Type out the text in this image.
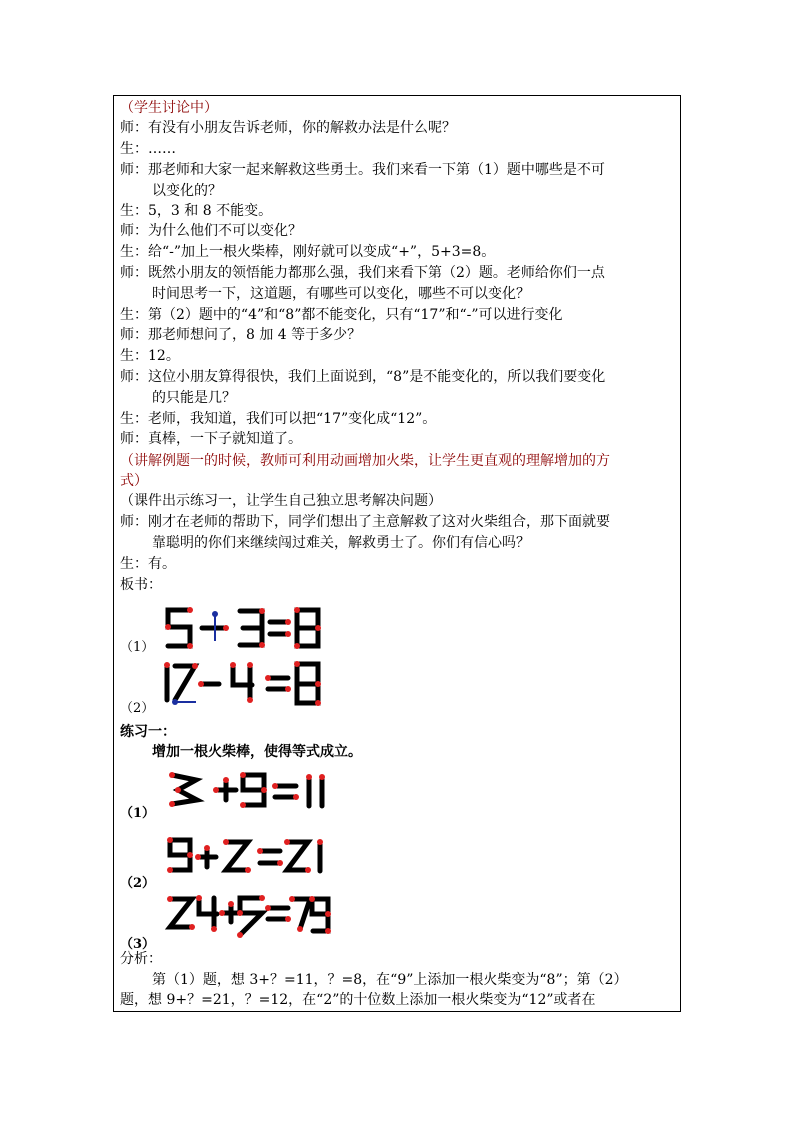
（学生讨论中）
师：有没有小朋友告诉老师，你的解救办法是什么呢？
生：……
师：那老师和大家一起来解救这些勇士。我们来看一下第（1）题中哪些是不可
以变化的？
生：5，3 和 8 不能变。
师：为什么他们不可以变化？
生：给“-”加上一根火柴棒，刚好就可以变成“+”，5+3=8。
师：既然小朋友的领悟能力都那么强，我们来看下第（2）题。老师给你们一点
时间思考一下，这道题，有哪些可以变化，哪些不可以变化？
生：第（2）题中的“4”和“8”都不能变化，只有“17”和“-”可以进行变化
师：那老师想问了，8 加 4 等于多少？
生：12。
师：这位小朋友算得很快，我们上面说到，“8”是不能变化的，所以我们要变化
的只能是几？
生：老师，我知道，我们可以把“17”变化成“12”。
师：真棒，一下子就知道了。
（讲解例题一的时候，教师可利用动画增加火柴，让学生更直观的理解增加的方
式）
（课件出示练习一，让学生自己独立思考解决问题）
师：刚才在老师的帮助下，同学们想出了主意解救了这对火柴组合，那下面就要
靠聪明的你们来继续闯过难关，解救勇士了。你们有信心吗？
生：有。
板书：
（1）
（2）
练习一：
增加一根火柴棒，使得等式成立。
（1）
（2）
（3）
分析：
第（1）题，想 3+？=11，？=8，在“9”上添加一根火柴变为“8”；第（2）
题，想 9+？=21，？=12，在“2”的十位数上添加一根火柴变为“12”或者在
